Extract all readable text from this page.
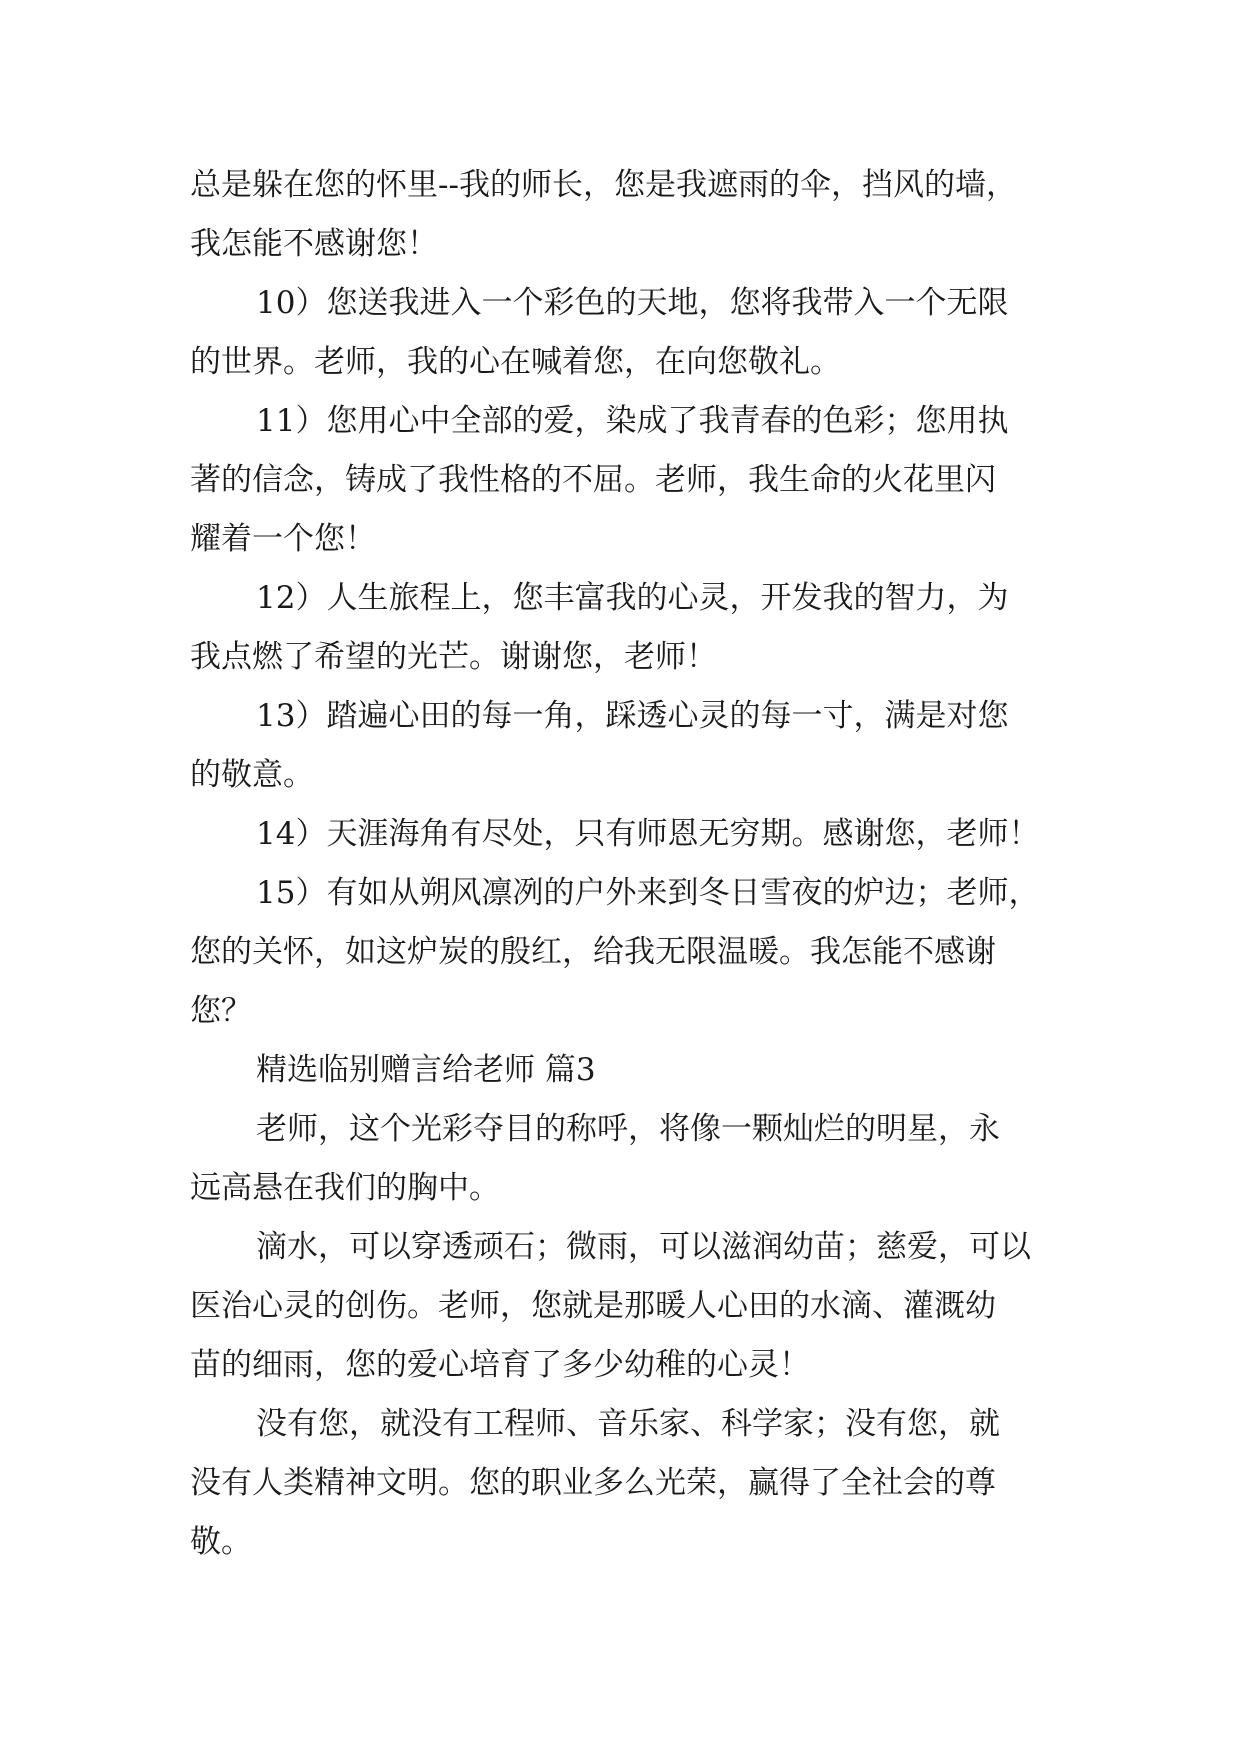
总是躲在您的怀里--我的师长，您是我遮雨的伞，挡风的墙，
我怎能不感谢您！
10）您送我进入一个彩色的天地，您将我带入一个无限
的世界。老师，我的心在喊着您，在向您敬礼。
11）您用心中全部的爱，染成了我青春的色彩；您用执
著的信念，铸成了我性格的不屈。老师，我生命的火花里闪
耀着一个您！
12）人生旅程上，您丰富我的心灵，开发我的智力，为
我点燃了希望的光芒。谢谢您，老师！
13）踏遍心田的每一角，踩透心灵的每一寸，满是对您
的敬意。
14）天涯海角有尽处，只有师恩无穷期。感谢您，老师！
15）有如从朔风凛冽的户外来到冬日雪夜的炉边；老师，
您的关怀，如这炉炭的殷红，给我无限温暖。我怎能不感谢
您？
精选临别赠言给老师 篇3
老师，这个光彩夺目的称呼，将像一颗灿烂的明星，永
远高悬在我们的胸中。
滴水，可以穿透顽石；微雨，可以滋润幼苗；慈爱，可以
医治心灵的创伤。老师，您就是那暖人心田的水滴、灌溉幼
苗的细雨，您的爱心培育了多少幼稚的心灵！
没有您，就没有工程师、音乐家、科学家；没有您，就
没有人类精神文明。您的职业多么光荣，赢得了全社会的尊
敬。
